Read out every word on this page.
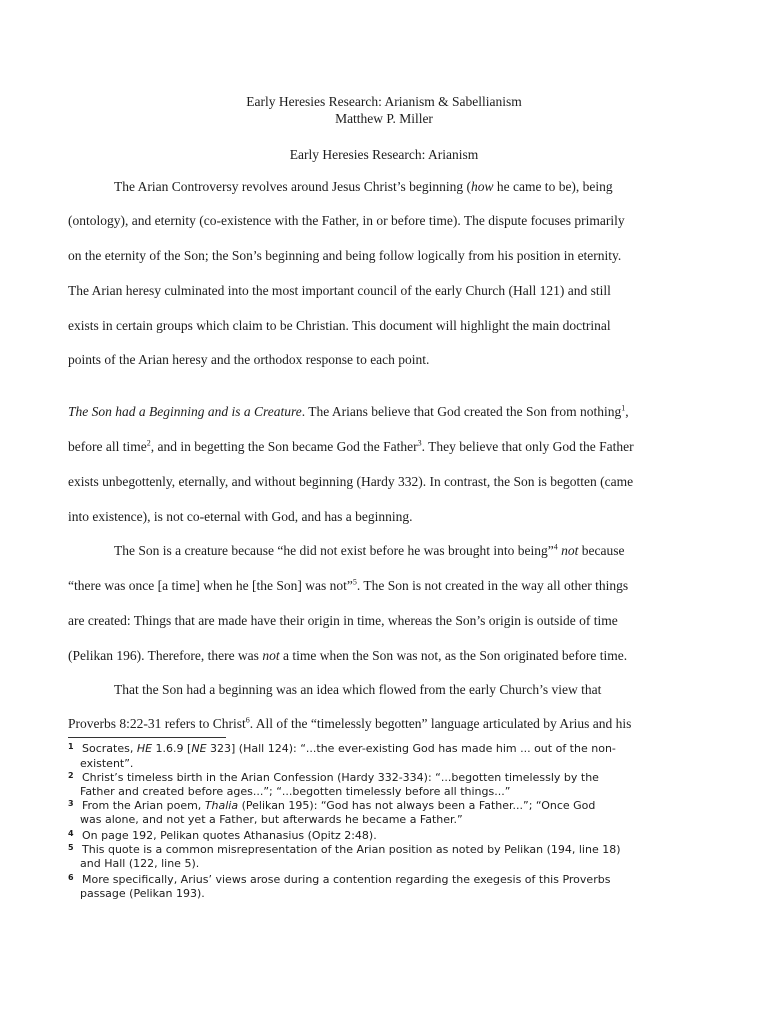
Early Heresies Research: Arianism & Sabellianism
Matthew P. Miller
Early Heresies Research: Arianism
The Arian Controversy revolves around Jesus Christ’s beginning (how he came to be), being
(ontology), and eternity (co-existence with the Father, in or before time). The dispute focuses primarily
on the eternity of the Son; the Son’s beginning and being follow logically from his position in eternity.
The Arian heresy culminated into the most important council of the early Church (Hall 121) and still
exists in certain groups which claim to be Christian. This document will highlight the main doctrinal
points of the Arian heresy and the orthodox response to each point.
The Son had a Beginning and is a Creature. The Arians believe that God created the Son from nothing$^1$,
before all time$^2$, and in begetting the Son became God the Father$^3$. They believe that only God the Father
exists unbegottenly, eternally, and without beginning (Hardy 332). In contrast, the Son is begotten (came
into existence), is not co-eternal with God, and has a beginning.
The Son is a creature because “he did not exist before he was brought into being”$^4$ not because
“there was once [a time] when he [the Son] was not”$^5$. The Son is not created in the way all other things
are created: Things that are made have their origin in time, whereas the Son’s origin is outside of time
(Pelikan 196). Therefore, there was not a time when the Son was not, as the Son originated before time.
That the Son had a beginning was an idea which flowed from the early Church’s view that
Proverbs 8:22-31 refers to Christ$^6$. All of the “timelessly begotten” language articulated by Arius and his
1 Socrates, HE 1.6.9 [NE 323] (Hall 124): “...the ever-existing God has made him ... out of the non-
existent”.
2 Christ’s timeless birth in the Arian Confession (Hardy 332-334): “...begotten timelessly by the
Father and created before ages...”; “...begotten timelessly before all things...”
3 From the Arian poem, Thalia (Pelikan 195): “God has not always been a Father...”; “Once God
was alone, and not yet a Father, but afterwards he became a Father.”
4 On page 192, Pelikan quotes Athanasius (Opitz 2:48).
5 This quote is a common misrepresentation of the Arian position as noted by Pelikan (194, line 18)
and Hall (122, line 5).
6 More specifically, Arius’ views arose during a contention regarding the exegesis of this Proverbs
passage (Pelikan 193).
